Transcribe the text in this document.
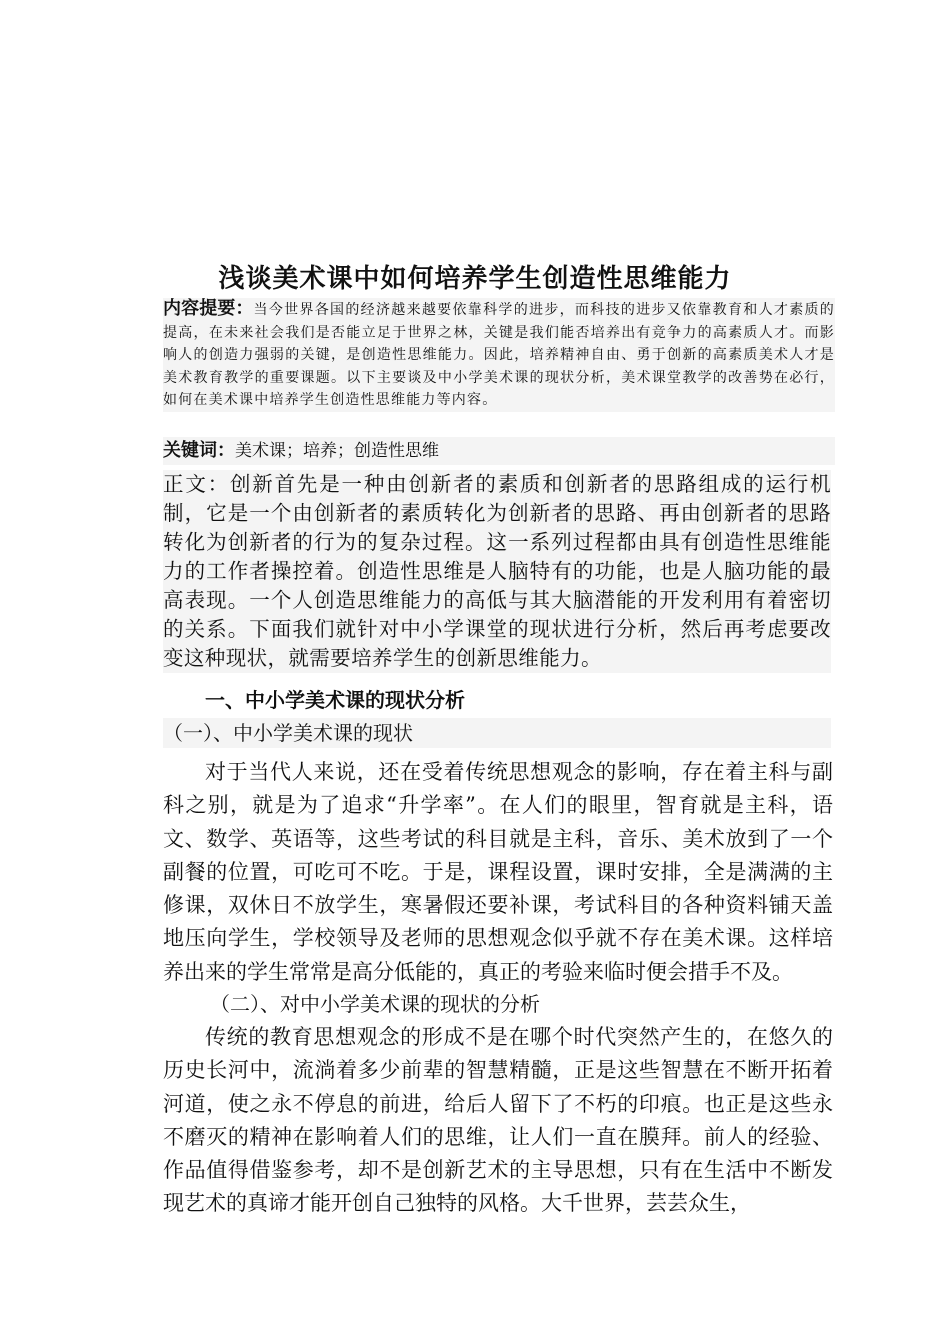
浅谈美术课中如何培养学生创造性思维能力

内容提要：当今世界各国的经济越来越要依靠科学的进步，而科技的进步又依靠教育和人才素质的提高，在未来社会我们是否能立足于世界之林，关键是我们能否培养出有竞争力的高素质人才。而影响人的创造力强弱的关键，是创造性思维能力。因此，培养精神自由、勇于创新的高素质美术人才是美术教育教学的重要课题。以下主要谈及中小学美术课的现状分析，美术课堂教学的改善势在必行，如何在美术课中培养学生创造性思维能力等内容。

关键词：美术课；培养；创造性思维

正文：创新首先是一种由创新者的素质和创新者的思路组成的运行机制，它是一个由创新者的素质转化为创新者的思路、再由创新者的思路转化为创新者的行为的复杂过程。这一系列过程都由具有创造性思维能力的工作者操控着。创造性思维是人脑特有的功能，也是人脑功能的最高表现。一个人创造思维能力的高低与其大脑潜能的开发利用有着密切的关系。下面我们就针对中小学课堂的现状进行分析，然后再考虑要改变这种现状，就需要培养学生的创新思维能力。

一、中小学美术课的现状分析

（一）、中小学美术课的现状

对于当代人来说，还在受着传统思想观念的影响，存在着主科与副科之别，就是为了追求“升学率”。在人们的眼里，智育就是主科，语文、数学、英语等，这些考试的科目就是主科，音乐、美术放到了一个副餐的位置，可吃可不吃。于是，课程设置，课时安排，全是满满的主修课，双休日不放学生，寒暑假还要补课，考试科目的各种资料铺天盖地压向学生，学校领导及老师的思想观念似乎就不存在美术课。这样培养出来的学生常常是高分低能的，真正的考验来临时便会措手不及。

（二）、对中小学美术课的现状的分析

传统的教育思想观念的形成不是在哪个时代突然产生的，在悠久的历史长河中，流淌着多少前辈的智慧精髓，正是这些智慧在不断开拓着河道，使之永不停息的前进，给后人留下了不朽的印痕。也正是这些永不磨灭的精神在影响着人们的思维，让人们一直在膜拜。前人的经验、作品值得借鉴参考，却不是创新艺术的主导思想，只有在生活中不断发现艺术的真谛才能开创自己独特的风格。大千世界，芸芸众生，
